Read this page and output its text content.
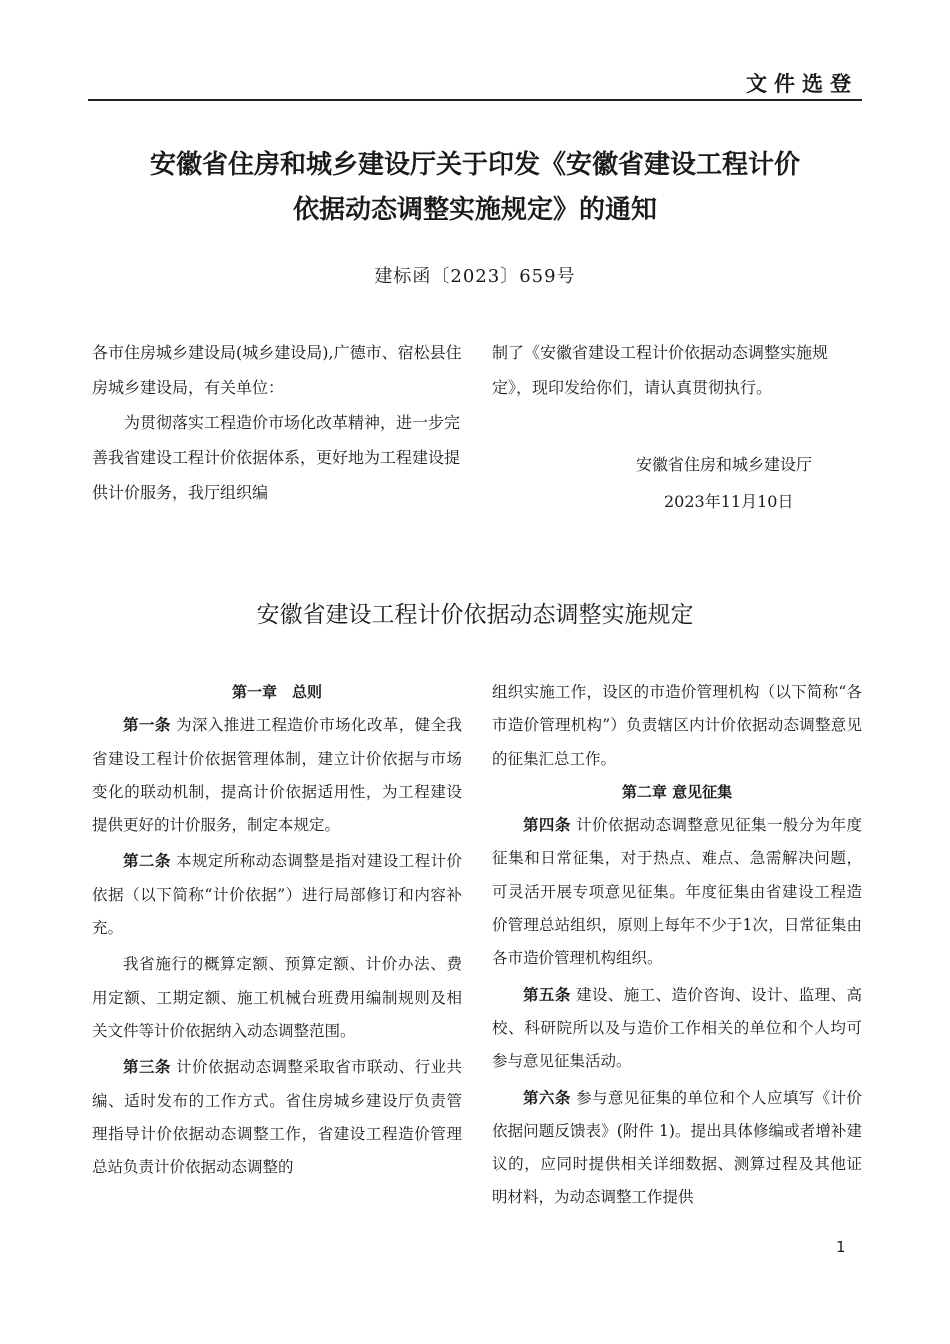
文件选登
安徽省住房和城乡建设厅关于印发《安徽省建设工程计价
依据动态调整实施规定》的通知
建标函〔2023〕659号
各市住房城乡建设局(城乡建设局),广德市、宿松县住房城乡建设局，有关单位：
为贯彻落实工程造价市场化改革精神，进一步完善我省建设工程计价依据体系，更好地为工程建设提供计价服务，我厅组织编
制了《安徽省建设工程计价依据动态调整实施规定》，现印发给你们，请认真贯彻执行。
安徽省住房和城乡建设厅
2023年11月10日
安徽省建设工程计价依据动态调整实施规定
第一章　总则

第一条 为深入推进工程造价市场化改革，健全我省建设工程计价依据管理体制，建立计价依据与市场变化的联动机制，提高计价依据适用性，为工程建设提供更好的计价服务，制定本规定。

第二条 本规定所称动态调整是指对建设工程计价依据（以下简称“计价依据”）进行局部修订和内容补充。

我省施行的概算定额、预算定额、计价办法、费用定额、工期定额、施工机械台班费用编制规则及相关文件等计价依据纳入动态调整范围。

第三条 计价依据动态调整采取省市联动、行业共编、适时发布的工作方式。省住房城乡建设厅负责管理指导计价依据动态调整工作，省建设工程造价管理总站负责计价依据动态调整的

组织实施工作，设区的市造价管理机构（以下简称“各市造价管理机构”）负责辖区内计价依据动态调整意见的征集汇总工作。

第二章 意见征集

第四条 计价依据动态调整意见征集一般分为年度征集和日常征集，对于热点、难点、急需解决问题，可灵活开展专项意见征集。年度征集由省建设工程造价管理总站组织，原则上每年不少于1次，日常征集由各市造价管理机构组织。

第五条 建设、施工、造价咨询、设计、监理、高校、科研院所以及与造价工作相关的单位和个人均可参与意见征集活动。

第六条 参与意见征集的单位和个人应填写《计价依据问题反馈表》(附件 1)。提出具体修编或者增补建议的，应同时提供相关详细数据、测算过程及其他证明材料，为动态调整工作提供

1
